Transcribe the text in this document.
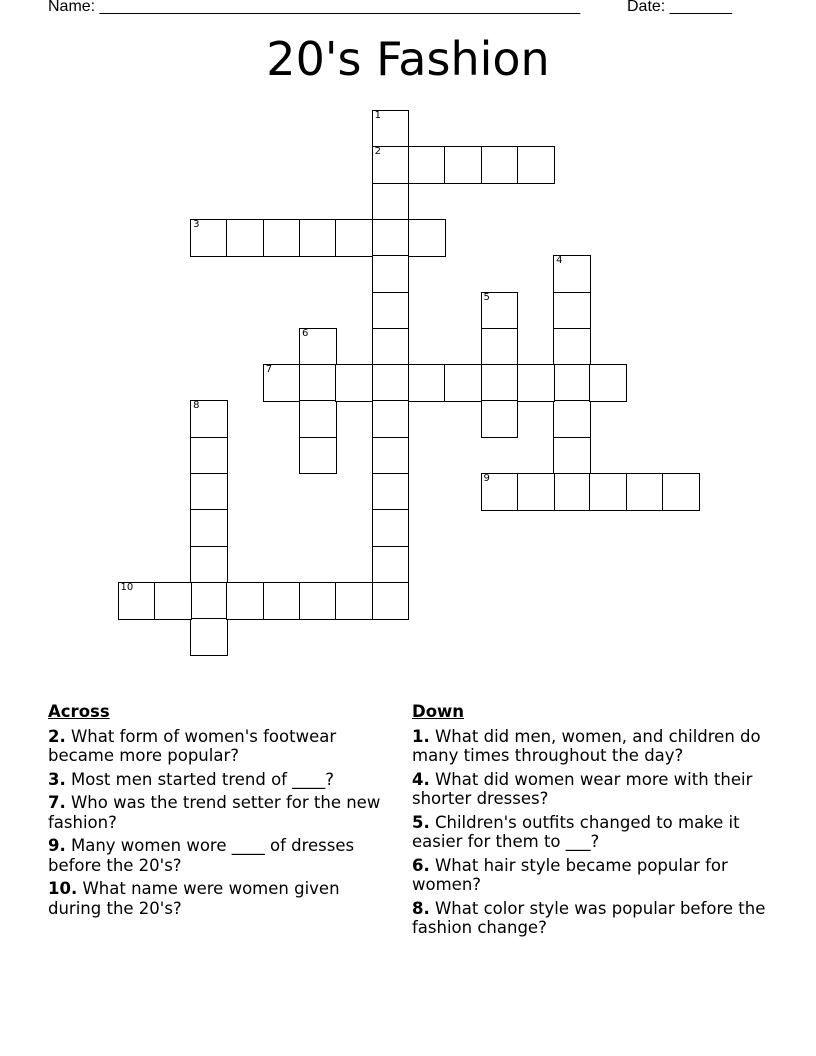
Name: ______________________________________________________	Date: _______
20's Fashion
1
2
3
4
5
6
7
8
9
10
Across
2. What form of women's footwear became more popular?
3. Most men started trend of ____?
7. Who was the trend setter for the new fashion?
9. Many women wore ____ of dresses before the 20's?
10. What name were women given during the 20's?
Down
1. What did men, women, and children do many times throughout the day?
4. What did women wear more with their shorter dresses?
5. Children's outfits changed to make it easier for them to ___?
6. What hair style became popular for women?
8. What color style was popular before the fashion change?
